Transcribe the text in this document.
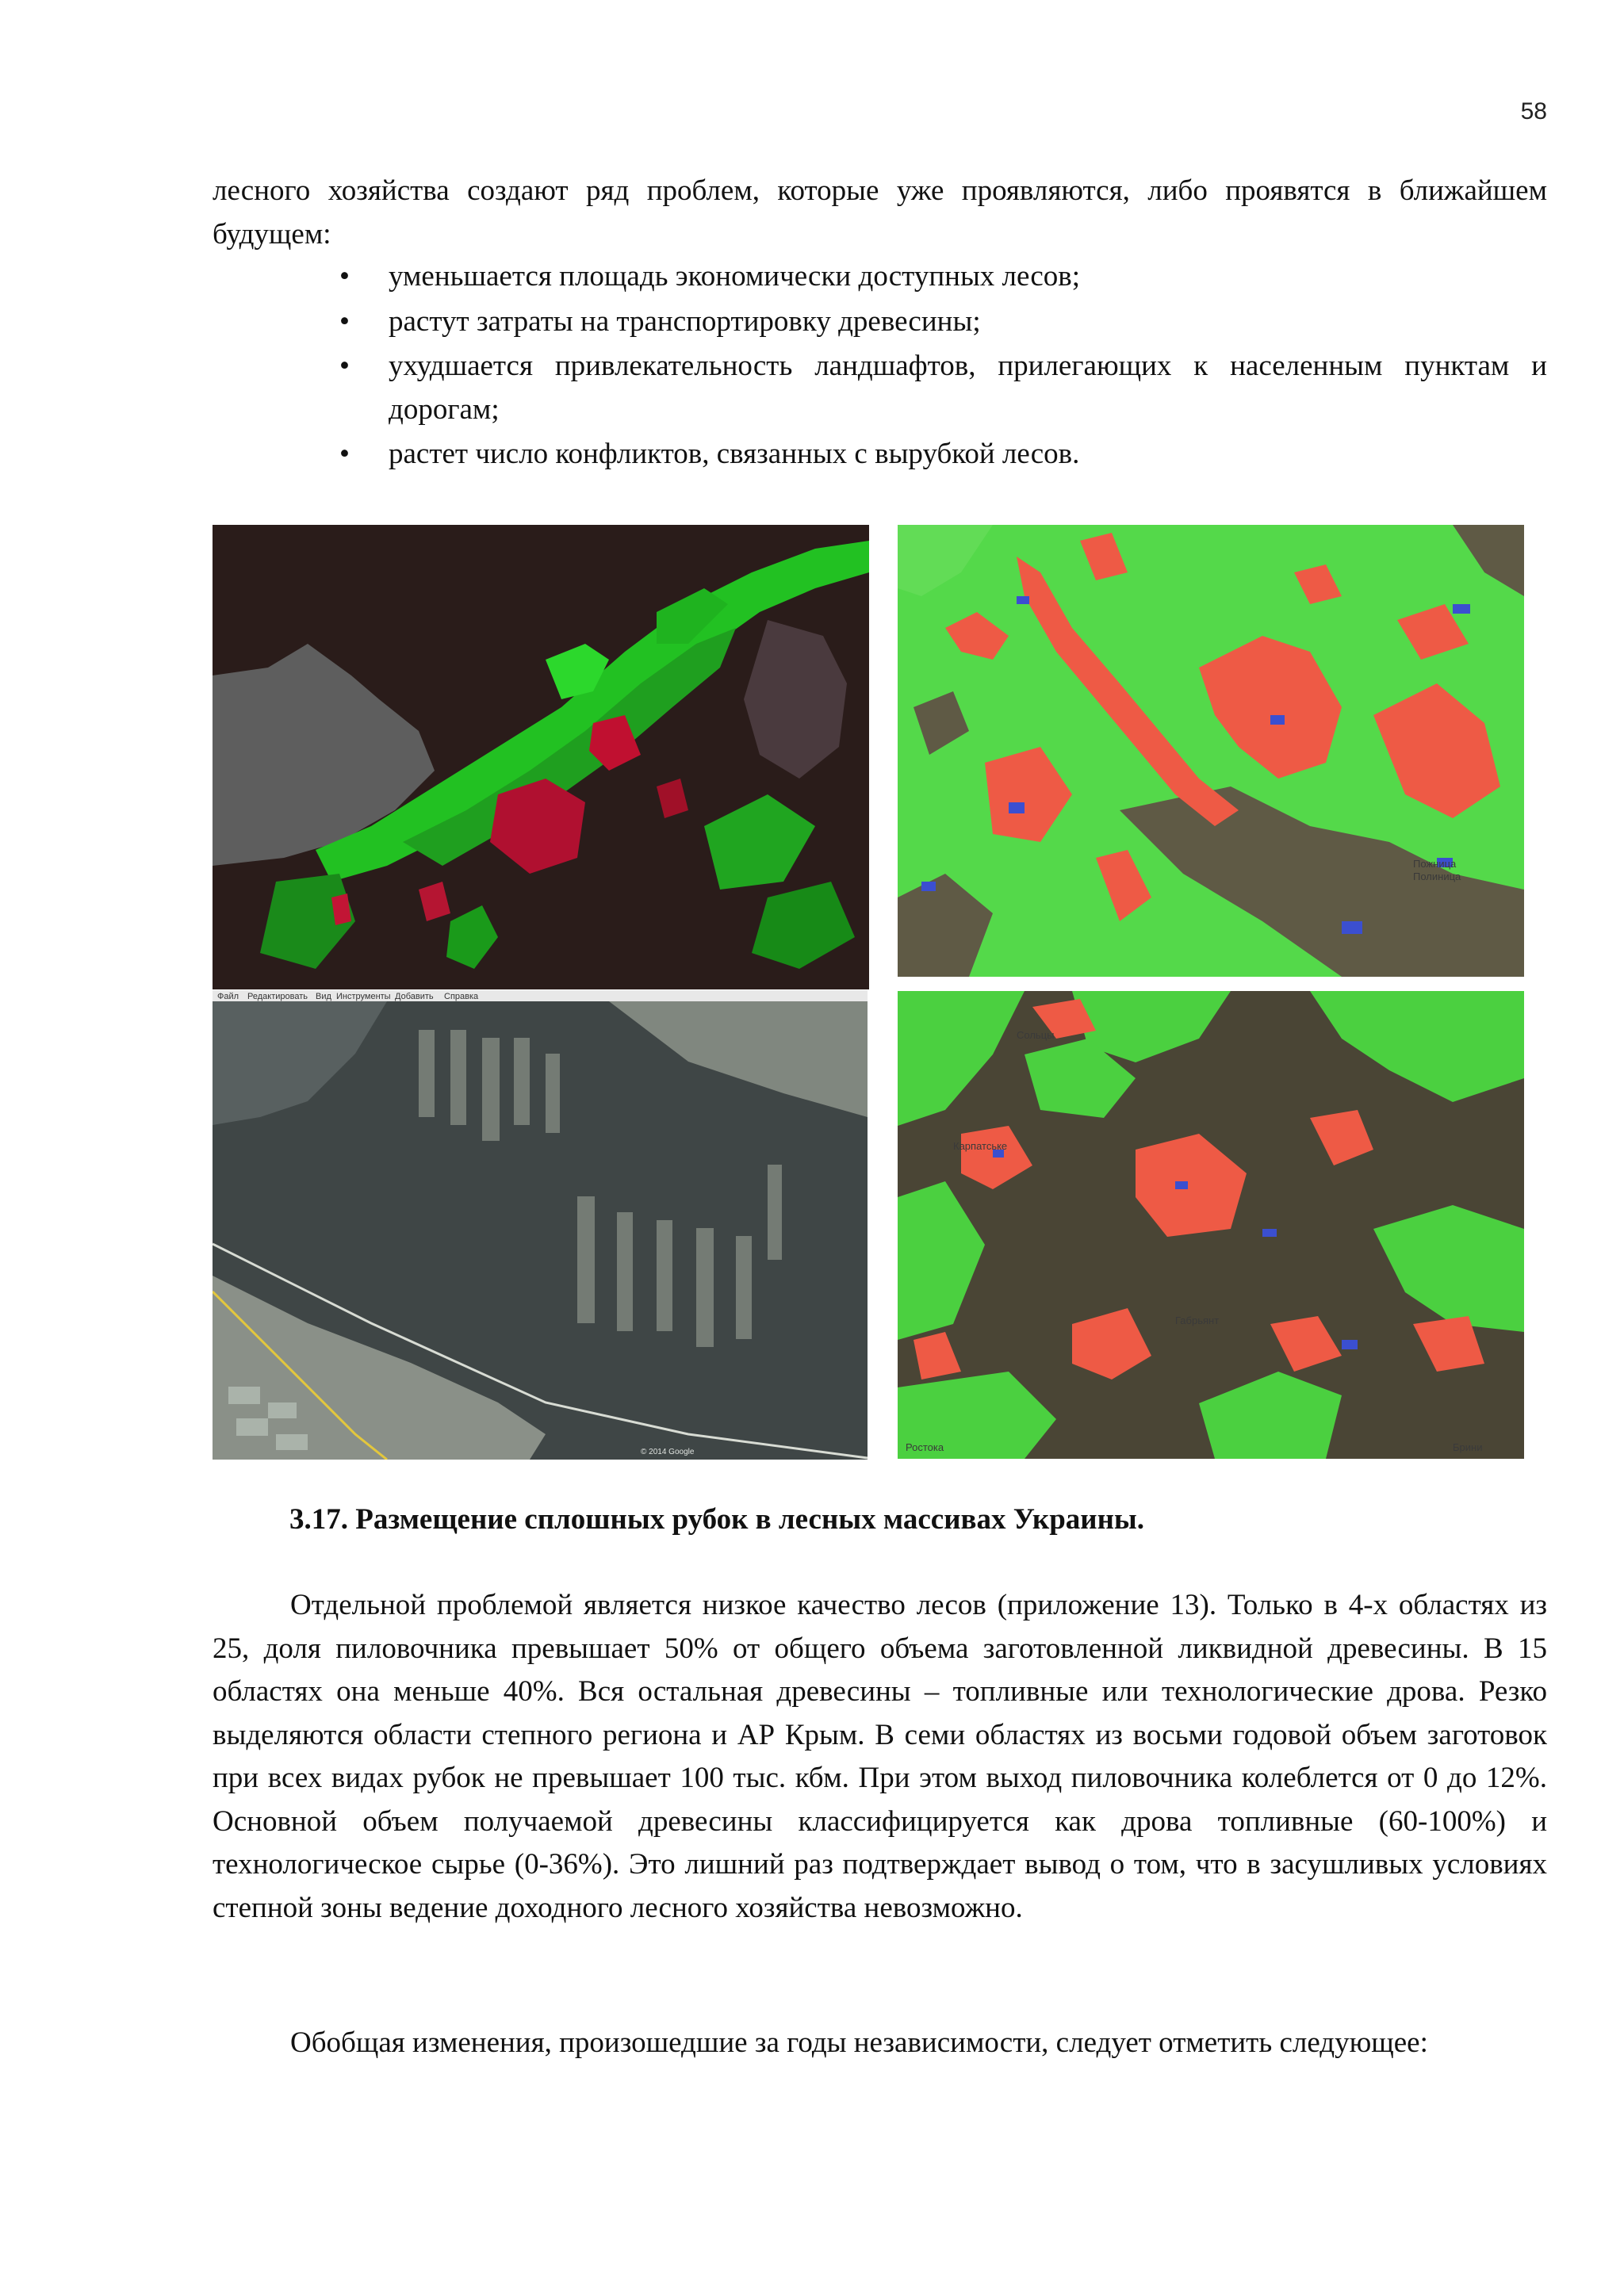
58

лесного хозяйства создают ряд проблем, которые уже проявляются, либо проявятся в ближайшем будущем:

• уменьшается площадь экономически доступных лесов;
• растут затраты на транспортировку древесины;
• ухудшается привлекательность ландшафтов, прилегающих к населенным пунктам и дорогам;
• растет число конфликтов, связанных с вырубкой лесов.
Пожница
Полиница
Файл Редактировать Вид Инструменты Добавить Справка
© 2014 Google
Сольцы
Карпатське
Габрьянт
Ростока	Брини
3.17. Размещение сплошных рубок в лесных массивах Украины.

Отдельной проблемой является низкое качество лесов (приложение 13). Только в 4-х областях из 25, доля пиловочника превышает 50% от общего объема заготовленной ликвидной древесины. В 15 областях она меньше 40%. Вся остальная древесины – топливные или технологические дрова. Резко выделяются области степного региона и АР Крым. В семи областях из восьми годовой объем заготовок при всех видах рубок не превышает 100 тыс. кбм. При этом выход пиловочника колеблется от 0 до 12%. Основной объем получаемой древесины классифицируется как дрова топливные (60-100%) и технологическое сырье (0-36%). Это лишний раз подтверждает вывод о том, что в засушливых условиях степной зоны ведение доходного лесного хозяйства невозможно.

Обобщая изменения, произошедшие за годы независимости, следует отметить следующее:
